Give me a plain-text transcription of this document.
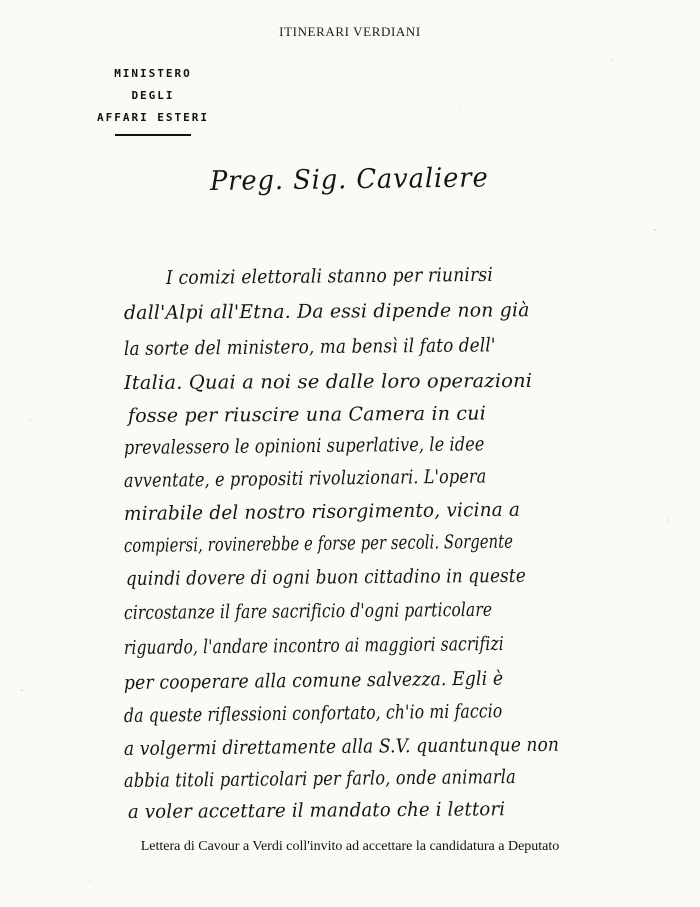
ITINERARI VERDIANI
MINISTERO
DEGLI
AFFARI ESTERI
Preg. Sig. Cavaliere
I comizi elettorali stanno per riunirsi
dall'Alpi all'Etna. Da essi dipende non già
la sorte del ministero, ma bensì il fato dell'
Italia. Quai a noi se dalle loro operazioni
fosse per riuscire una Camera in cui
prevalessero le opinioni superlative, le idee
avventate, e propositi rivoluzionari. L'opera
mirabile del nostro risorgimento, vicina a
compiersi, rovinerebbe e forse per secoli. Sorgente
quindi dovere di ogni buon cittadino in queste
circostanze il fare sacrificio d'ogni particolare
riguardo, l'andare incontro ai maggiori sacrifizi
per cooperare alla comune salvezza. Egli è
da queste riflessioni confortato, ch'io mi faccio
a volgermi direttamente alla S.V. quantunque non
abbia titoli particolari per farlo, onde animarla
a voler accettare il mandato che i lettori
Lettera di Cavour a Verdi coll'invito ad accettare la candidatura a Deputato
